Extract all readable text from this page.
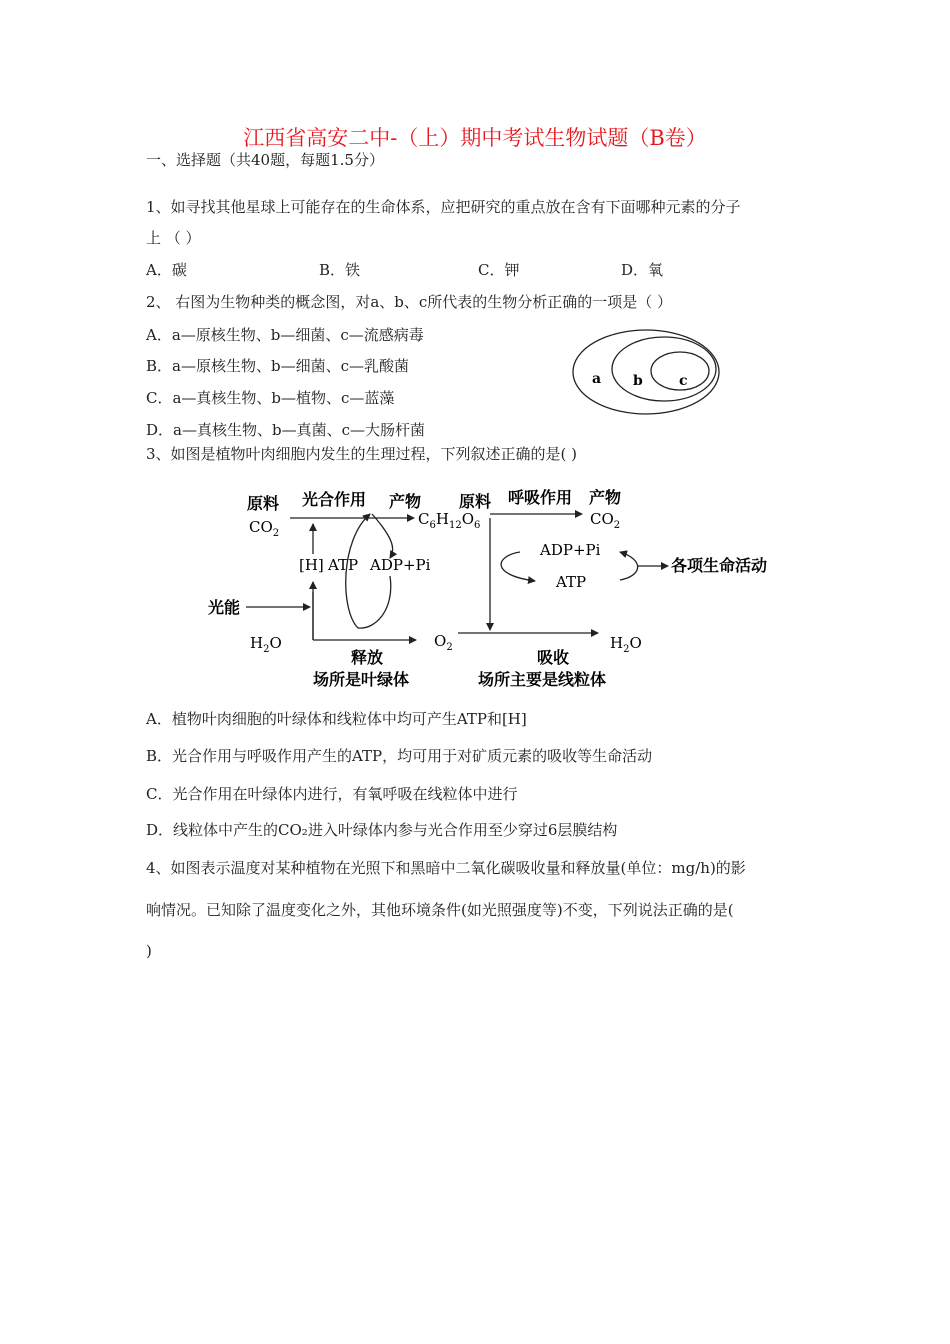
江西省高安二中-（上）期中考试生物试题（B卷）
一、选择题（共40题，每题1.5分）
1、如寻找其他星球上可能存在的生命体系，应把研究的重点放在含有下面哪种元素的分子
上 （ ）
A．碳	B．铁	C．钾	D．氧
2、 右图为生物种类的概念图，对a、b、c所代表的生物分析正确的一项是（ ）
A．a—原核生物、b—细菌、c—流感病毒
B．a—原核生物、b—细菌、c—乳酸菌
C．a—真核生物、b—植物、c—蓝藻
D．a—真核生物、b—真菌、c—大肠杆菌
a b	c
3、如图是植物叶肉细胞内发生的生理过程，下列叙述正确的是( )
原料 光合作用 产物 原料 呼吸作用 产物
$CO_2$
$C_6H_{12}O_6$	$CO_2$
[H] ATP ADP+Pi
光能
$H_2O$	$O_2$	$H_2O$
ADP+Pi
ATP
各项生命活动
释放	吸收
场所是叶绿体	场所主要是线粒体
A．植物叶肉细胞的叶绿体和线粒体中均可产生ATP和[H]
B．光合作用与呼吸作用产生的ATP，均可用于对矿质元素的吸收等生命活动
C．光合作用在叶绿体内进行，有氧呼吸在线粒体中进行
D．线粒体中产生的CO₂进入叶绿体内参与光合作用至少穿过6层膜结构
4、如图表示温度对某种植物在光照下和黑暗中二氧化碳吸收量和释放量(单位：mg/h)的影
响情况。已知除了温度变化之外，其他环境条件(如光照强度等)不变，下列说法正确的是(
)
